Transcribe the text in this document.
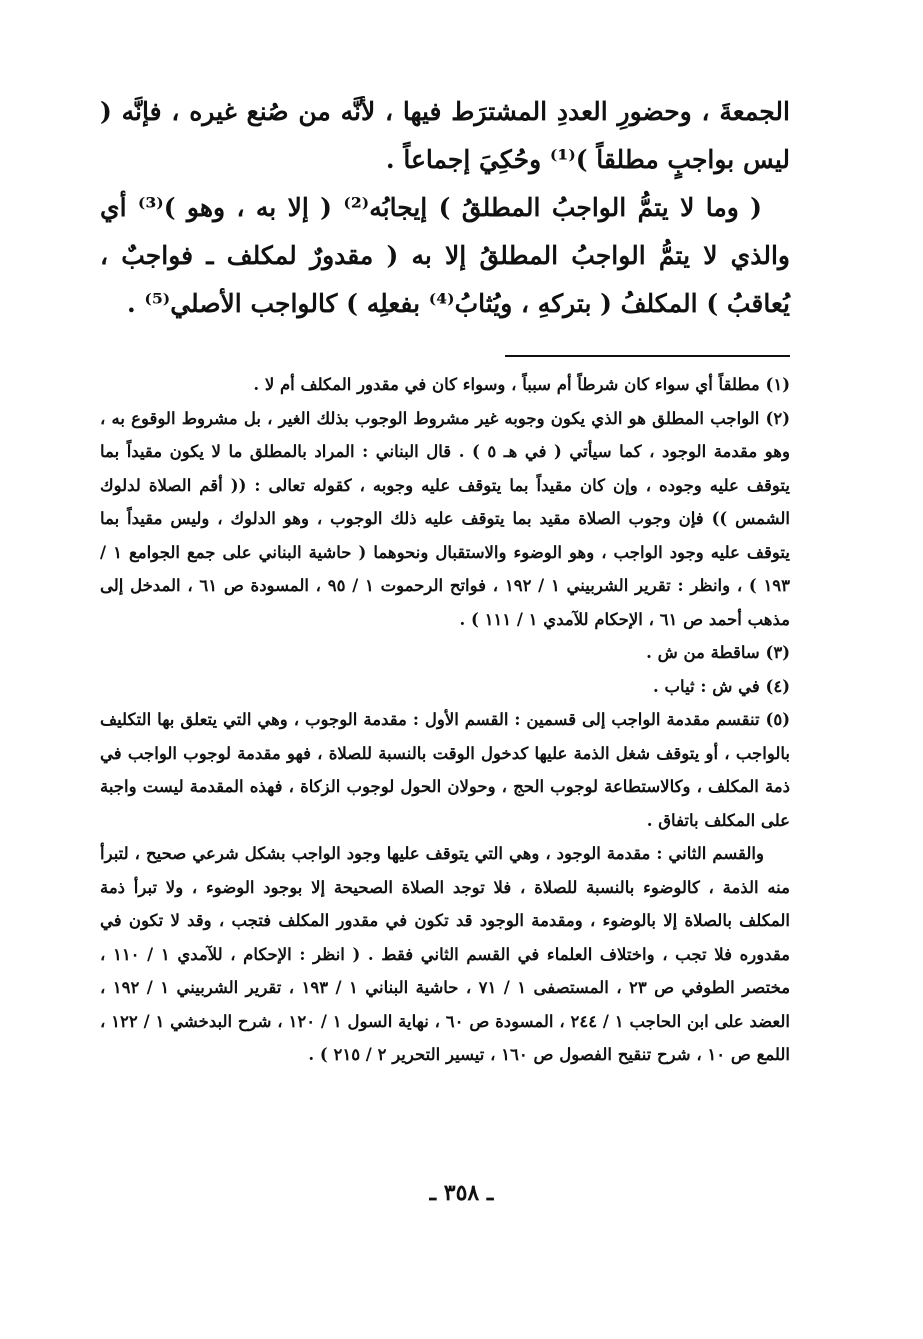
الجمعةَ ، وحضورِ العددِ المشترَط فيها ، لأنَّه من صُنع غيره ، فإنَّه ( ليس بواجبٍ مطلقاً )⁽¹⁾ وحُكِيَ إجماعاً .

( وما لا يتمُّ الواجبُ المطلقُ ) إيجابُه⁽²⁾ ( إلا به ، وهو )⁽³⁾ أي والذي لا يتمُّ الواجبُ المطلقُ إلا به ( مقدورٌ لمكلف ـ فواجبٌ ، يُعاقبُ ) المكلفُ ( بتركهِ ، ويُثابُ⁽⁴⁾ بفعلِه ) كالواجب الأصلي⁽⁵⁾ .

(١) مطلقاً أي سواء كان شرطاً أم سبباً ، وسواء كان في مقدور المكلف أم لا .

(٢) الواجب المطلق هو الذي يكون وجوبه غير مشروط الوجوب بذلك الغير ، بل مشروط الوقوع به ، وهو مقدمة الوجود ، كما سيأتي ( في هـ ٥ ) . قال البناني : المراد بالمطلق ما لا يكون مقيداً بما يتوقف عليه وجوده ، وإن كان مقيداً بما يتوقف عليه وجوبه ، كقوله تعالى : (( أقم الصلاة لدلوك الشمس )) فإن وجوب الصلاة مقيد بما يتوقف عليه ذلك الوجوب ، وهو الدلوك ، وليس مقيداً بما يتوقف عليه وجود الواجب ، وهو الوضوء والاستقبال ونحوهما ( حاشية البناني على جمع الجوامع ١ / ١٩٣ ) ، وانظر : تقرير الشربيني ١ / ١٩٢ ، فواتح الرحموت ١ / ٩٥ ، المسودة ص ٦١ ، المدخل إلى مذهب أحمد ص ٦١ ، الإحكام للآمدي ١ / ١١١ ) .

(٣) ساقطة من ش .

(٤) في ش : ثياب .

(٥) تنقسم مقدمة الواجب إلى قسمين : القسم الأول : مقدمة الوجوب ، وهي التي يتعلق بها التكليف بالواجب ، أو يتوقف شغل الذمة عليها كدخول الوقت بالنسبة للصلاة ، فهو مقدمة لوجوب الواجب في ذمة المكلف ، وكالاستطاعة لوجوب الحج ، وحولان الحول لوجوب الزكاة ، فهذه المقدمة ليست واجبة على المكلف باتفاق .

والقسم الثاني : مقدمة الوجود ، وهي التي يتوقف عليها وجود الواجب بشكل شرعي صحيح ، لتبرأ منه الذمة ، كالوضوء بالنسبة للصلاة ، فلا توجد الصلاة الصحيحة إلا بوجود الوضوء ، ولا تبرأ ذمة المكلف بالصلاة إلا بالوضوء ، ومقدمة الوجود قد تكون في مقدور المكلف فتجب ، وقد لا تكون في مقدوره فلا تجب ، واختلاف العلماء في القسم الثاني فقط . ( انظر : الإحكام ، للآمدي ١ / ١١٠ ، مختصر الطوفي ص ٢٣ ، المستصفى ١ / ٧١ ، حاشية البناني ١ / ١٩٣ ، تقرير الشربيني ١ / ١٩٢ ، العضد على ابن الحاجب ١ / ٢٤٤ ، المسودة ص ٦٠ ، نهاية السول ١ / ١٢٠ ، شرح البدخشي ١ / ١٢٢ ، اللمع ص ١٠ ، شرح تنقيح الفصول ص ١٦٠ ، تيسير التحرير ٢ / ٢١٥ ) .

ـ ٣٥٨ ـ
